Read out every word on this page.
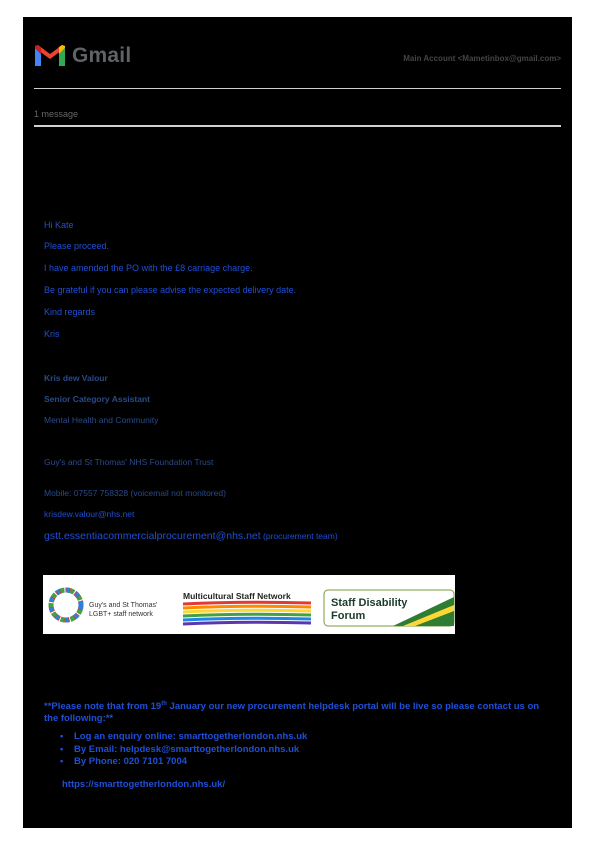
Gmail	Main Account <Mametinbox@gmail.com>
1 message
Hi Kate
Please proceed.
I have amended the PO with the £8 carriage charge.
Be grateful if you can please advise the expected delivery date.
Kind regards
Kris
Kris dew Valour
Senior Category Assistant
Mental Health and Community
Guy's and St Thomas' NHS Foundation Trust
Mobile: 07557 758328 (voicemail not monitored)
krisdew.valour@nhs.net
gstt.essentiacommercialprocurement@nhs.net (procurement team)
Guy's and St Thomas'
LGBT+ staff network
Multicultural Staff Network
Staff Disability
Forum
**Please note that from 19th January our new procurement helpdesk portal will be live so please contact us on the following:**
• Log an enquiry online: smarttogetherlondon.nhs.uk
• By Email: helpdesk@smarttogetherlondon.nhs.uk
• By Phone: 020 7101 7004
https://smarttogetherlondon.nhs.uk/
